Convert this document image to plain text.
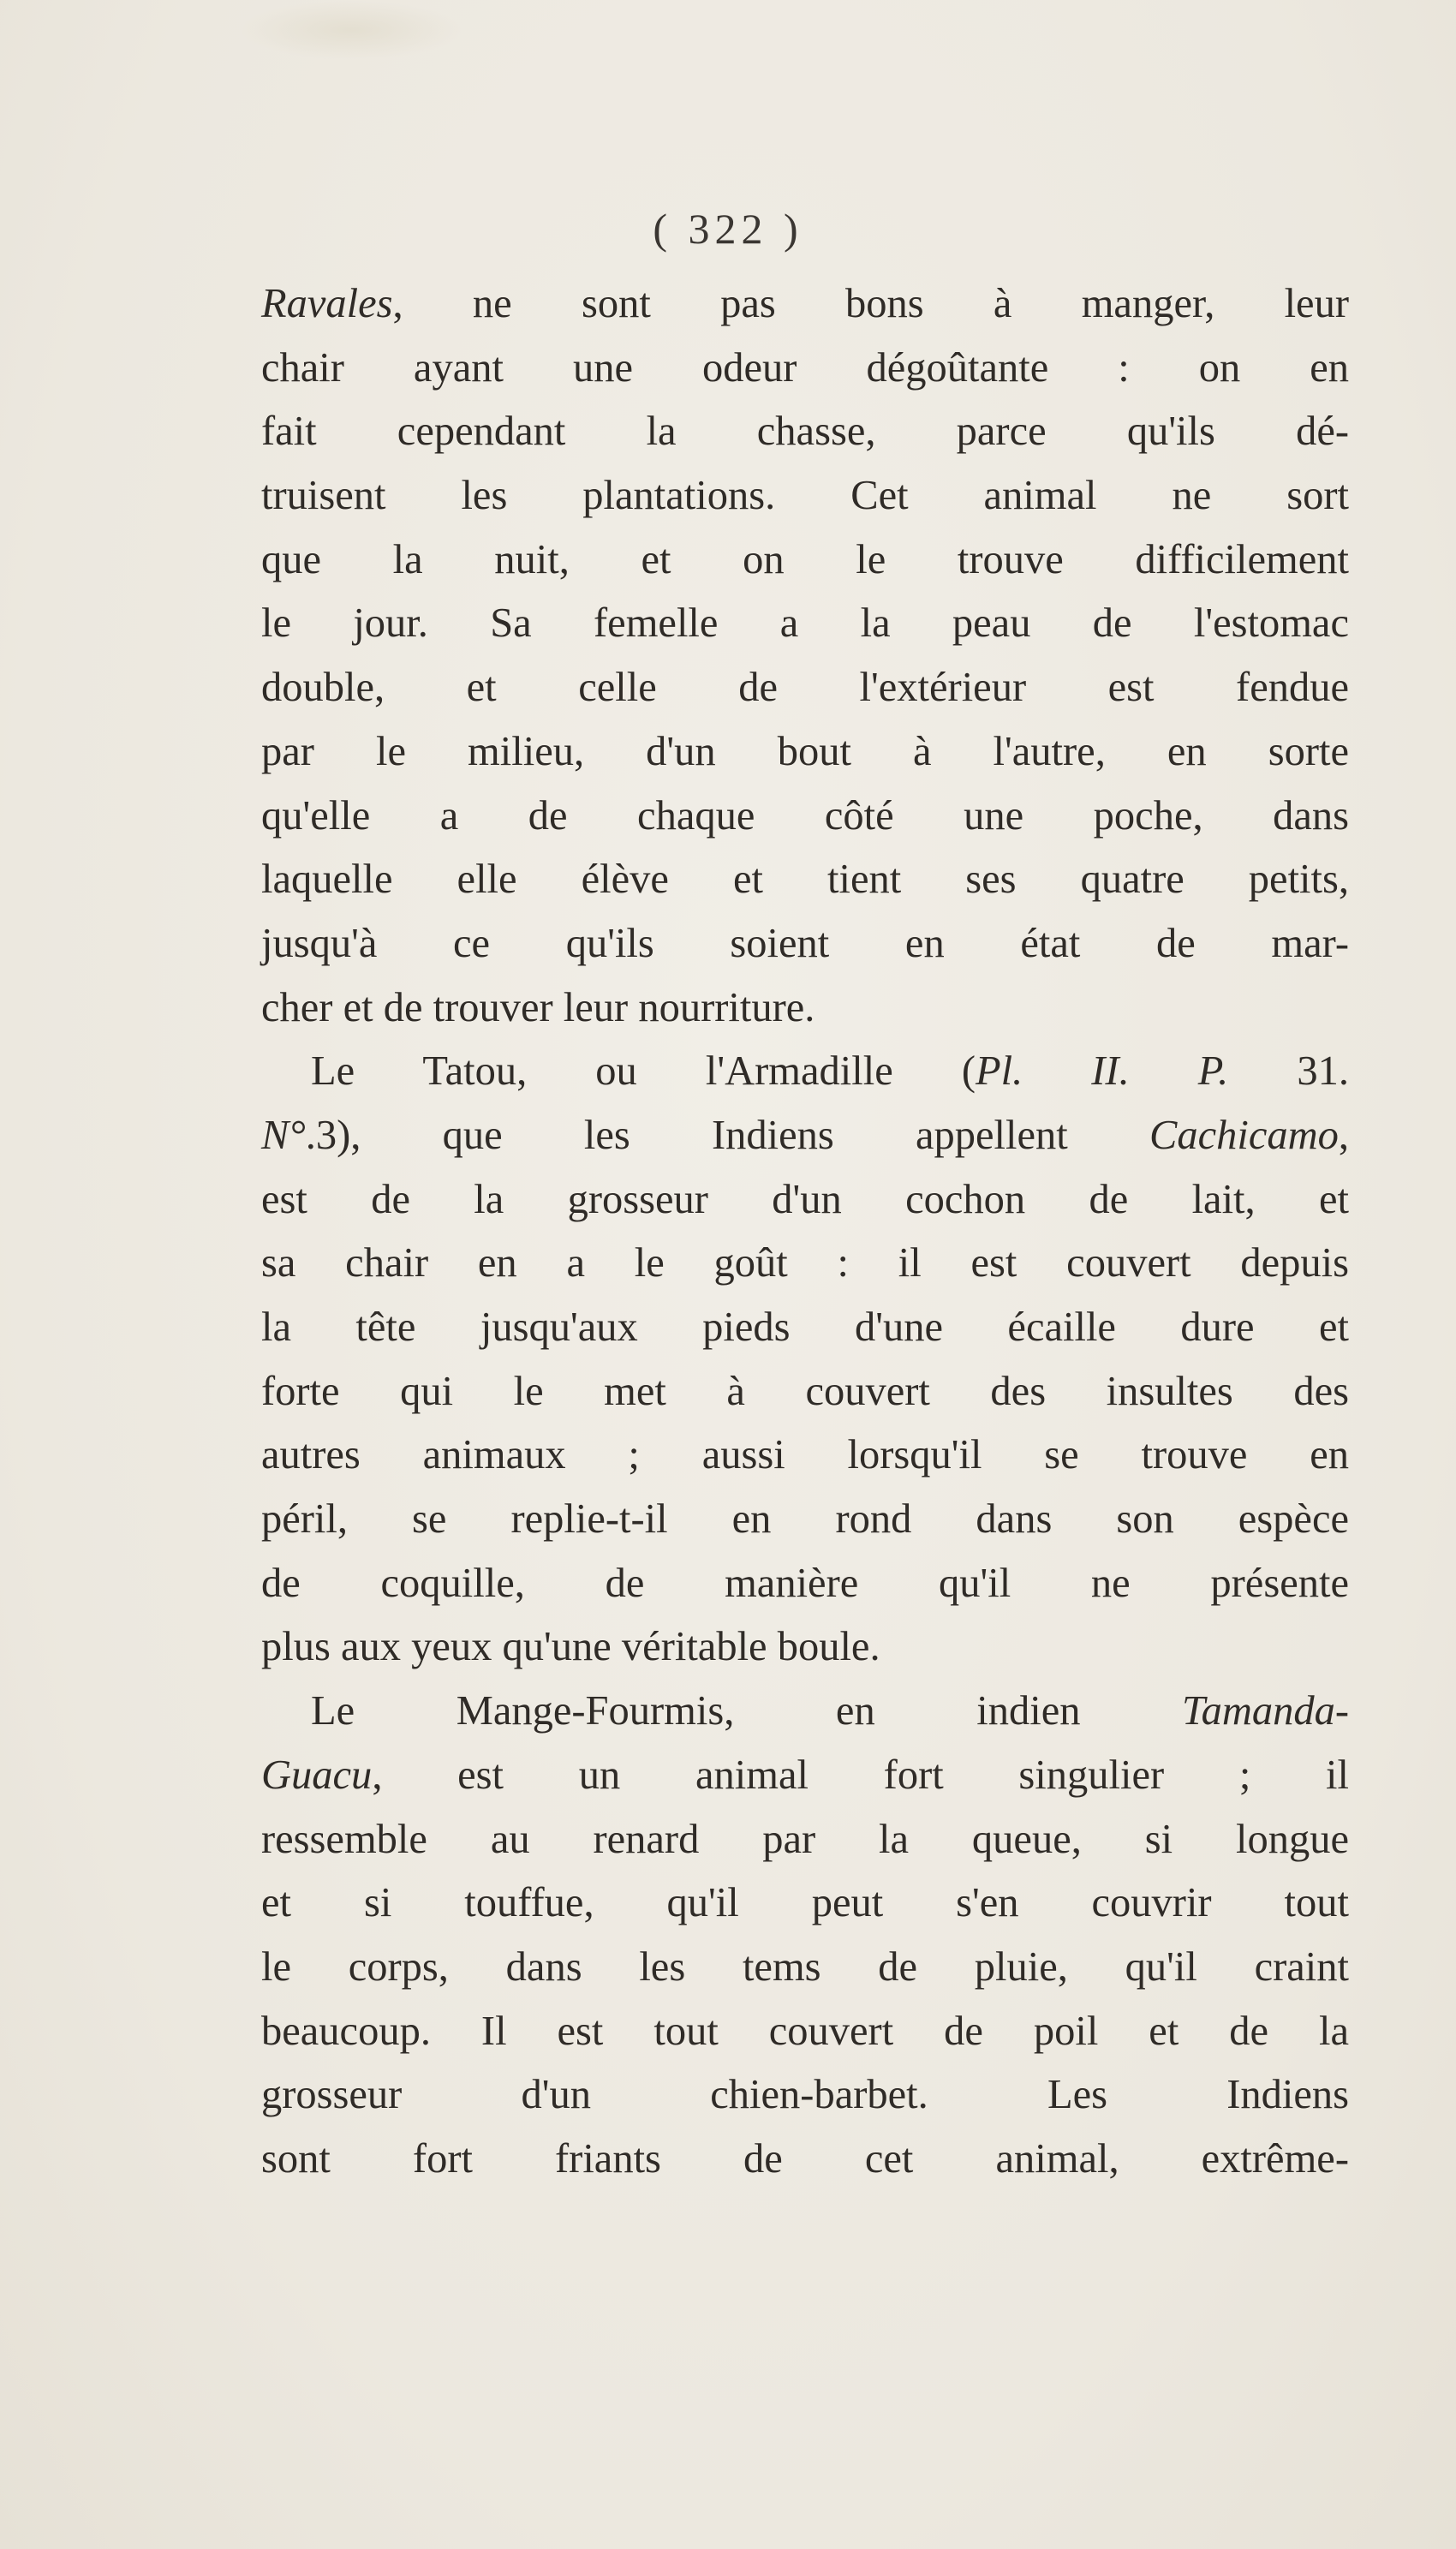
( 322 )
Ravales, ne sont pas bons à manger, leur
chair ayant une odeur dégoûtante : on en
fait cependant la chasse, parce qu'ils dé-
truisent les plantations. Cet animal ne sort
que la nuit, et on le trouve difficilement
le jour. Sa femelle a la peau de l'estomac
double, et celle de l'extérieur est fendue
par le milieu, d'un bout à l'autre, en sorte
qu'elle a de chaque côté une poche, dans
laquelle elle élève et tient ses quatre petits,
jusqu'à ce qu'ils soient en état de mar-
cher et de trouver leur nourriture.
Le Tatou, ou l'Armadille (Pl. II. P. 31.
N°.3), que les Indiens appellent Cachicamo,
est de la grosseur d'un cochon de lait, et
sa chair en a le goût : il est couvert depuis
la tête jusqu'aux pieds d'une écaille dure et
forte qui le met à couvert des insultes des
autres animaux ; aussi lorsqu'il se trouve en
péril, se replie-t-il en rond dans son espèce
de coquille, de manière qu'il ne présente
plus aux yeux qu'une véritable boule.
Le Mange-Fourmis, en indien Tamanda-
Guacu, est un animal fort singulier ; il
ressemble au renard par la queue, si longue
et si touffue, qu'il peut s'en couvrir tout
le corps, dans les tems de pluie, qu'il craint
beaucoup. Il est tout couvert de poil et de la
grosseur d'un chien-barbet. Les Indiens
sont fort friants de cet animal, extrême-
